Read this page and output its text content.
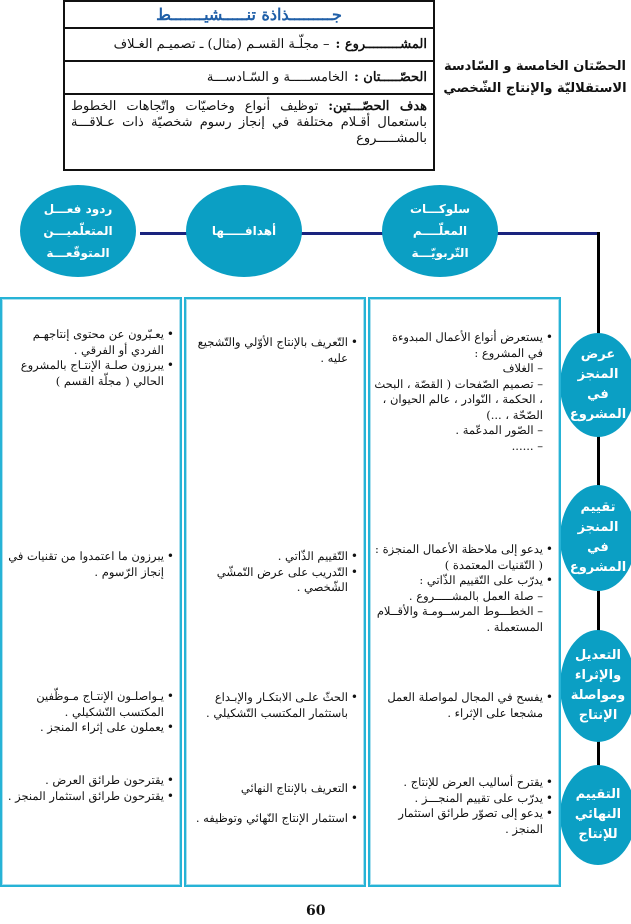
جـــــــــذاذة تنـــــشيـــــــط
المشـــــــــروع :
– مجلّـة القسـم (مثال) ـ تصميـم الغـلاف
الحصّـــــتان :
الخامســـــة و السّـادســـة
هدف الحصّـــتين: توظيف أنواع وخاصيّات واتّجاهات الخطوط باستعمال أقـلام مختلفة في إنجاز رسوم شخصيّة ذات عـلاقـــة بالمشـــــروع
الحصّتان الخامسة و السّادسة
الاستقلاليّة والإنتاج الشّخصي
سلوكـــات
المعلّــــم
التّربويّـــة
أهدافـــــها
ردود فعـــل
المتعلّميـــن
المتوقّعـــة
عرض المنجز
في المشروع
تقييم المنجز
في المشروع
التعديل
والإثراء
ومواصلة
الإنتاج
التقييم
النهائي
للإنتاج
• يستعرض أنواع الأعمال المبدوءة في المشروع :
– الغلاف
– تصميم الصّفحات ( القصّة ، البحث ، الحكمة ، النّوادر ، عالم الحيوان ، الصّحّة ، ...)
– الصّور المدعّمة .
– ......
• يدعو إلى ملاحظة الأعمال المنجزة : ( التّقنيات المعتمدة )
• يدرّب على التّقييم الذّاتي :
– صلة العمل بالمشـــــروع .
– الخطـــوط المرســومـة والأقــلام المستعملة .
• يفسح في المجال لمواصلة العمل مشجعا على الإثراء .
• يقترح أساليب العرض للإنتاج .
• يدرّب على تقييم المنجـــز .
• يدعو إلى تصوّر طرائق استثمار المنجز .
• التّعريف بالإنتاج الأوّلي والتّشجيع عليه .
• التّقييم الذّاتي .
• التّدريب على عرض التّمشّي الشّخصي .
• الحثّ علـى الابتكـار والإبـداع باستثمار المكتسب التّشكيلي .
• التعريف بالإنتاج النهائي
• استثمار الإنتاج النّهائي وتوظيفه .
• يعـبّرون عن محتوى إنتاجهـم الفردي أو الفرقي .
• يبرزون صلـة الإنتـاج بالمشروع الحالي ( مجلّة القسم )
• يبرزون ما اعتمدوا من تقنيات في إنجاز الرّسوم .
• يـواصلـون الإنتـاج مـوظّفين المكتسب التّشكيلي .
• يعملون على إثراء المنجز .
• يقترحون طرائق العرض .
• يقترحون طرائق استثمار المنجز .
60
